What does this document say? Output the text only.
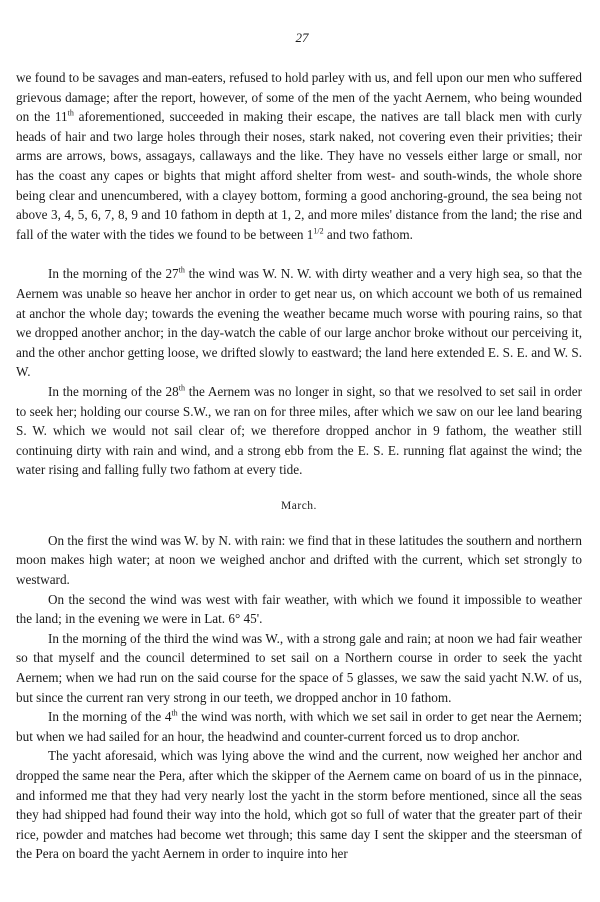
27

we found to be savages and man-eaters, refused to hold parley with us, and fell upon our men who suffered grievous damage; after the report, however, of some of the men of the yacht Aernem, who being wounded on the 11th aforementioned, succeeded in making their escape, the natives are tall black men with curly heads of hair and two large holes through their noses, stark naked, not covering even their privities; their arms are arrows, bows, assagays, callaways and the like. They have no vessels either large or small, nor has the coast any capes or bights that might afford shelter from west- and south-winds, the whole shore being clear and unencumbered, with a clayey bottom, forming a good anchoring-ground, the sea being not above 3, 4, 5, 6, 7, 8, 9 and 10 fathom in depth at 1, 2, and more miles' distance from the land; the rise and fall of the water with the tides we found to be between $1^{1/2}$ and two fathom.

In the morning of the 27th the wind was W. N. W. with dirty weather and a very high sea, so that the Aernem was unable so heave her anchor in order to get near us, on which account we both of us remained at anchor the whole day; towards the evening the weather became much worse with pouring rains, so that we dropped another anchor; in the day-watch the cable of our large anchor broke without our perceiving it, and the other anchor getting loose, we drifted slowly to eastward; the land here extended E. S. E. and W. S. W.

In the morning of the 28th the Aernem was no longer in sight, so that we resolved to set sail in order to seek her; holding our course S.W., we ran on for three miles, after which we saw on our lee land bearing S. W. which we would not sail clear of; we therefore dropped anchor in 9 fathom, the weather still continuing dirty with rain and wind, and a strong ebb from the E. S. E. running flat against the wind; the water rising and falling fully two fathom at every tide.

March.

On the first the wind was W. by N. with rain: we find that in these latitudes the southern and northern moon makes high water; at noon we weighed anchor and drifted with the current, which set strongly to westward.

On the second the wind was west with fair weather, with which we found it impossible to weather the land; in the evening we were in Lat. 6° 45'.

In the morning of the third the wind was W., with a strong gale and rain; at noon we had fair weather so that myself and the council determined to set sail on a Northern course in order to seek the yacht Aernem; when we had run on the said course for the space of 5 glasses, we saw the said yacht N.W. of us, but since the current ran very strong in our teeth, we dropped anchor in 10 fathom.

In the morning of the 4th the wind was north, with which we set sail in order to get near the Aernem; but when we had sailed for an hour, the headwind and counter-current forced us to drop anchor.

The yacht aforesaid, which was lying above the wind and the current, now weighed her anchor and dropped the same near the Pera, after which the skipper of the Aernem came on board of us in the pinnace, and informed me that they had very nearly lost the yacht in the storm before mentioned, since all the seas they had shipped had found their way into the hold, which got so full of water that the greater part of their rice, powder and matches had become wet through; this same day I sent the skipper and the steersman of the Pera on board the yacht Aernem in order to inquire into her
